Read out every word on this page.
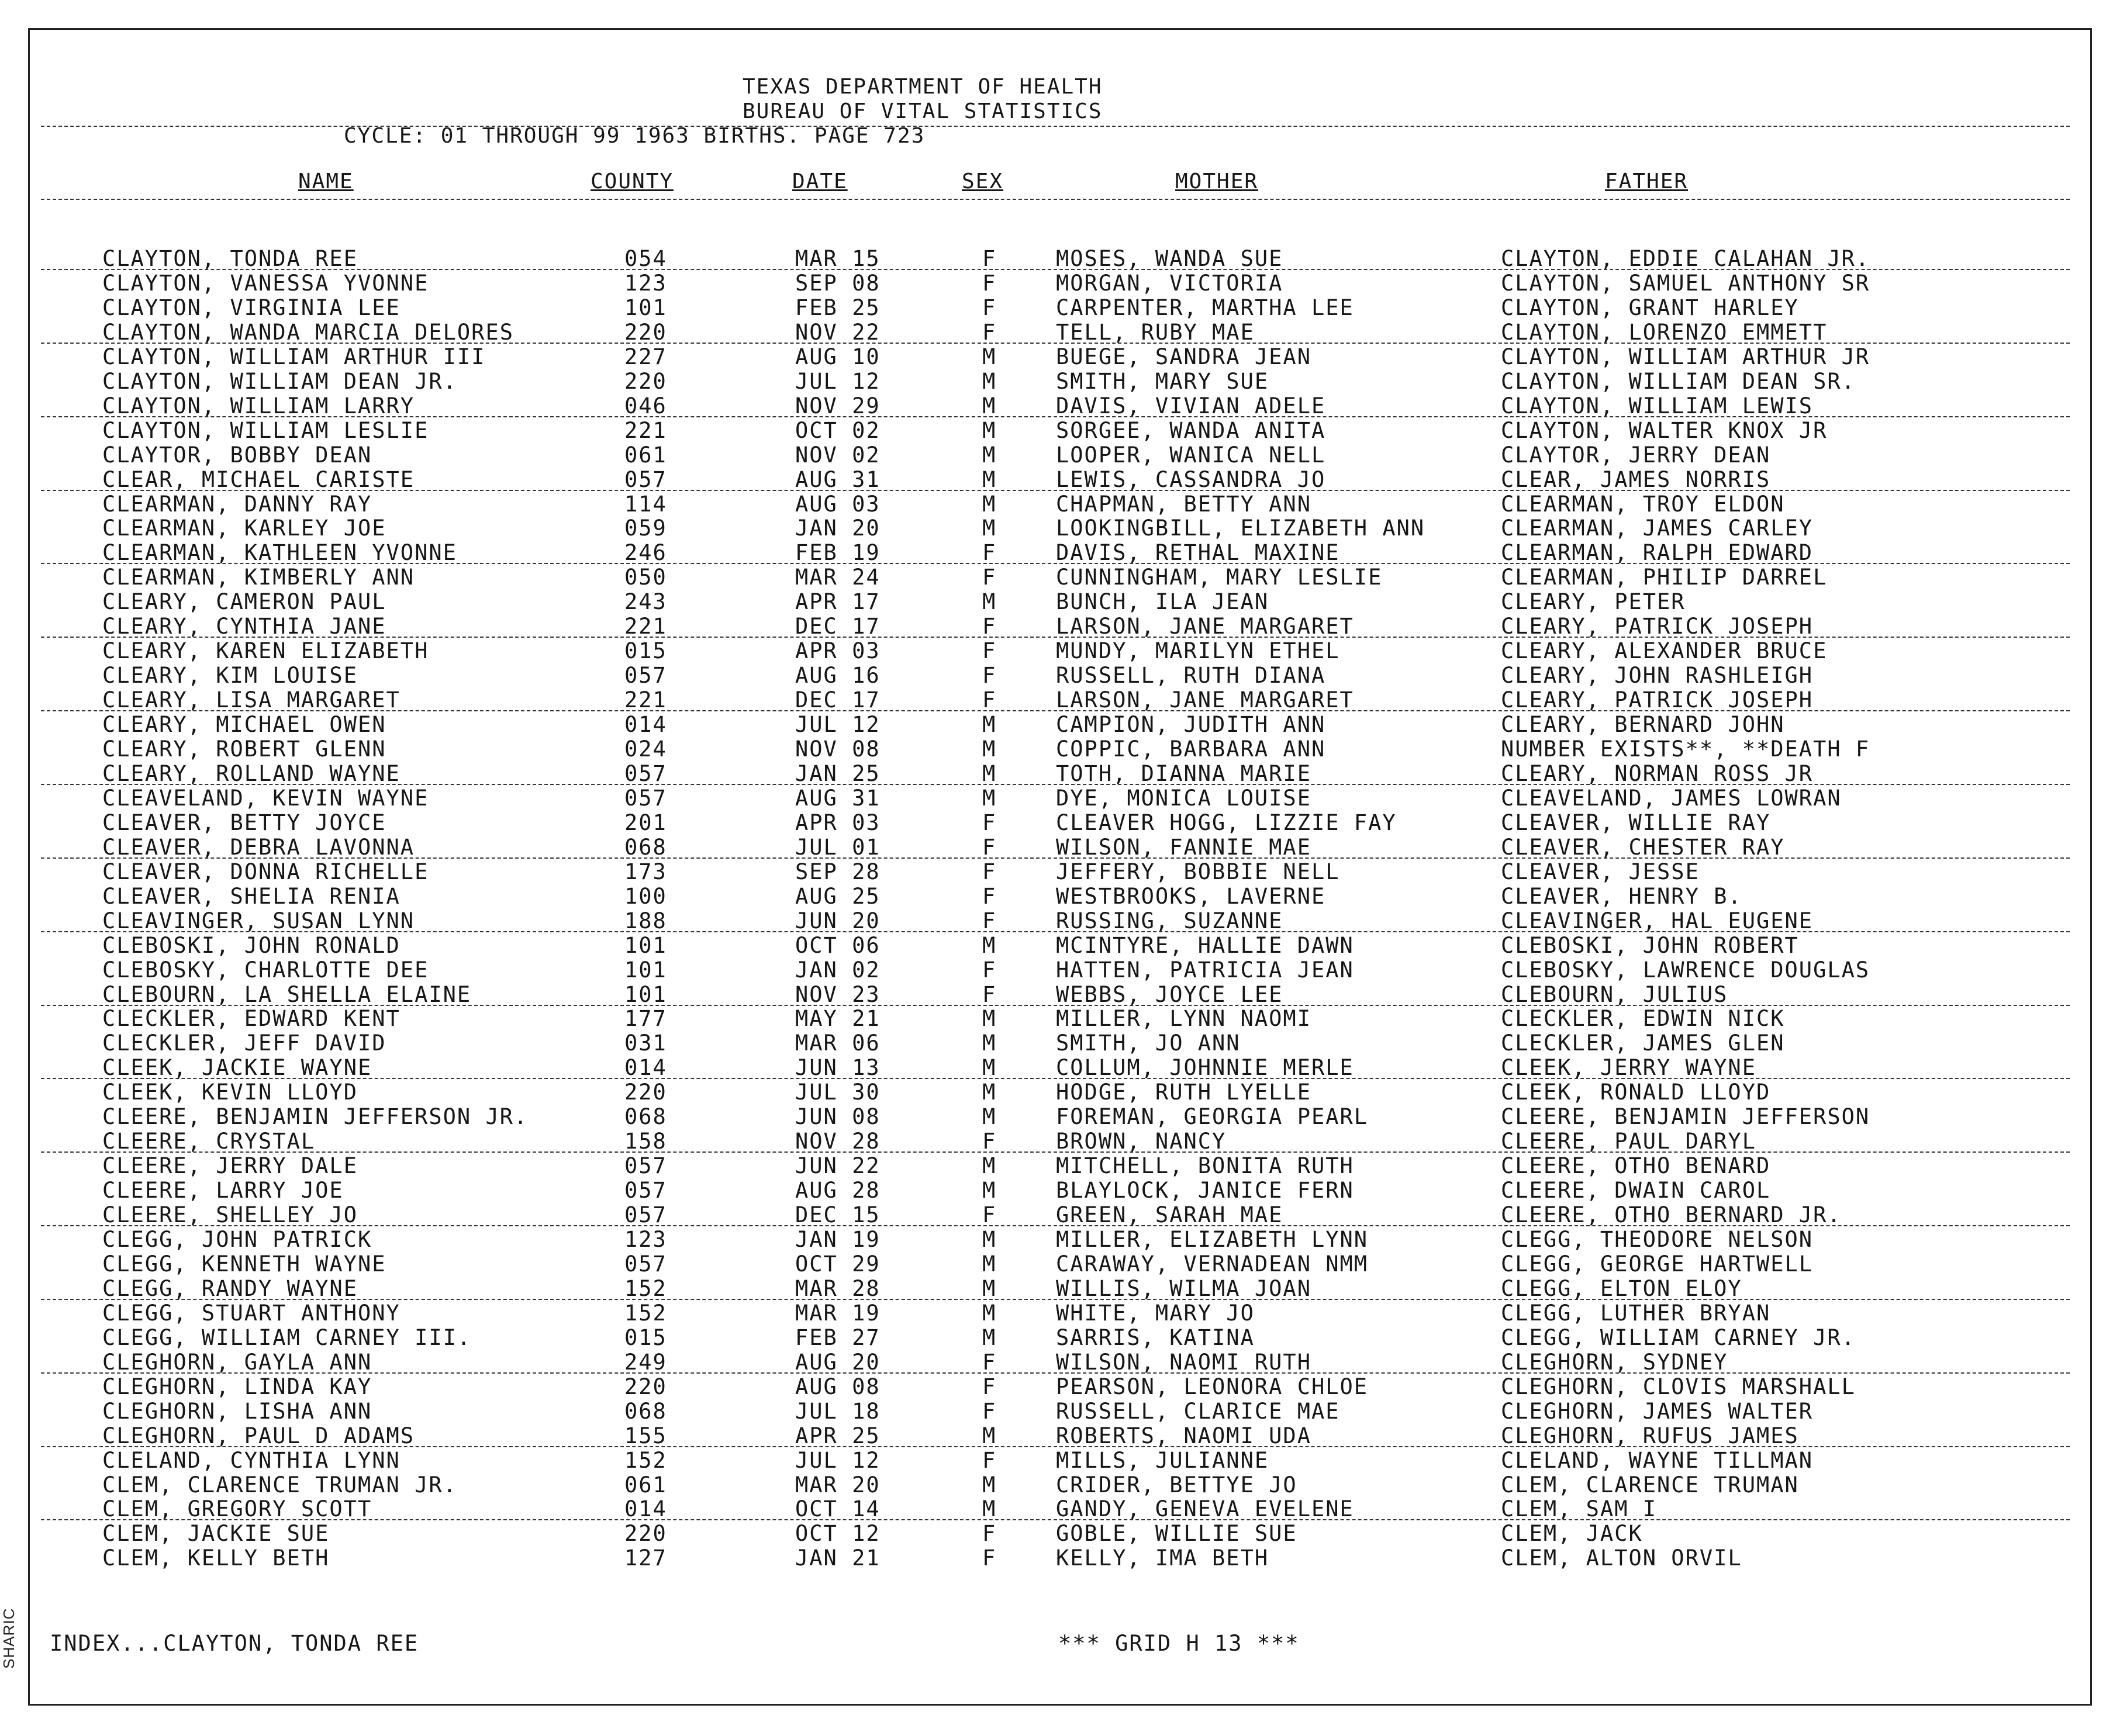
SHARIC
TEXAS DEPARTMENT OF HEALTH
BUREAU OF VITAL STATISTICS
CYCLE: 01 THROUGH 99 1963 BIRTHS. PAGE 723
NAME	COUNTY	DATE	SEX	MOTHER	FATHER
CLAYTON, TONDA REE	054	MAR 15	F	MOSES, WANDA SUE	CLAYTON, EDDIE CALAHAN JR.
CLAYTON, VANESSA YVONNE	123	SEP 08	F	MORGAN, VICTORIA	CLAYTON, SAMUEL ANTHONY SR
CLAYTON, VIRGINIA LEE	101	FEB 25	F	CARPENTER, MARTHA LEE	CLAYTON, GRANT HARLEY
CLAYTON, WANDA MARCIA DELORES	220	NOV 22	F	TELL, RUBY MAE	CLAYTON, LORENZO EMMETT
CLAYTON, WILLIAM ARTHUR III	227	AUG 10	M	BUEGE, SANDRA JEAN	CLAYTON, WILLIAM ARTHUR JR
CLAYTON, WILLIAM DEAN JR.	220	JUL 12	M	SMITH, MARY SUE	CLAYTON, WILLIAM DEAN SR.
CLAYTON, WILLIAM LARRY	046	NOV 29	M	DAVIS, VIVIAN ADELE	CLAYTON, WILLIAM LEWIS
CLAYTON, WILLIAM LESLIE	221	OCT 02	M	SORGEE, WANDA ANITA	CLAYTON, WALTER KNOX JR
CLAYTOR, BOBBY DEAN	061	NOV 02	M	LOOPER, WANICA NELL	CLAYTOR, JERRY DEAN
CLEAR, MICHAEL CARISTE	057	AUG 31	M	LEWIS, CASSANDRA JO	CLEAR, JAMES NORRIS
CLEARMAN, DANNY RAY	114	AUG 03	M	CHAPMAN, BETTY ANN	CLEARMAN, TROY ELDON
CLEARMAN, KARLEY JOE	059	JAN 20	M	LOOKINGBILL, ELIZABETH ANN	CLEARMAN, JAMES CARLEY
CLEARMAN, KATHLEEN YVONNE	246	FEB 19	F	DAVIS, RETHAL MAXINE	CLEARMAN, RALPH EDWARD
CLEARMAN, KIMBERLY ANN	050	MAR 24	F	CUNNINGHAM, MARY LESLIE	CLEARMAN, PHILIP DARREL
CLEARY, CAMERON PAUL	243	APR 17	M	BUNCH, ILA JEAN	CLEARY, PETER
CLEARY, CYNTHIA JANE	221	DEC 17	F	LARSON, JANE MARGARET	CLEARY, PATRICK JOSEPH
CLEARY, KAREN ELIZABETH	015	APR 03	F	MUNDY, MARILYN ETHEL	CLEARY, ALEXANDER BRUCE
CLEARY, KIM LOUISE	057	AUG 16	F	RUSSELL, RUTH DIANA	CLEARY, JOHN RASHLEIGH
CLEARY, LISA MARGARET	221	DEC 17	F	LARSON, JANE MARGARET	CLEARY, PATRICK JOSEPH
CLEARY, MICHAEL OWEN	014	JUL 12	M	CAMPION, JUDITH ANN	CLEARY, BERNARD JOHN
CLEARY, ROBERT GLENN	024	NOV 08	M	COPPIC, BARBARA ANN	NUMBER EXISTS**, **DEATH F
CLEARY, ROLLAND WAYNE	057	JAN 25	M	TOTH, DIANNA MARIE	CLEARY, NORMAN ROSS JR
CLEAVELAND, KEVIN WAYNE	057	AUG 31	M	DYE, MONICA LOUISE	CLEAVELAND, JAMES LOWRAN
CLEAVER, BETTY JOYCE	201	APR 03	F	CLEAVER HOGG, LIZZIE FAY	CLEAVER, WILLIE RAY
CLEAVER, DEBRA LAVONNA	068	JUL 01	F	WILSON, FANNIE MAE	CLEAVER, CHESTER RAY
CLEAVER, DONNA RICHELLE	173	SEP 28	F	JEFFERY, BOBBIE NELL	CLEAVER, JESSE
CLEAVER, SHELIA RENIA	100	AUG 25	F	WESTBROOKS, LAVERNE	CLEAVER, HENRY B.
CLEAVINGER, SUSAN LYNN	188	JUN 20	F	RUSSING, SUZANNE	CLEAVINGER, HAL EUGENE
CLEBOSKI, JOHN RONALD	101	OCT 06	M	MCINTYRE, HALLIE DAWN	CLEBOSKI, JOHN ROBERT
CLEBOSKY, CHARLOTTE DEE	101	JAN 02	F	HATTEN, PATRICIA JEAN	CLEBOSKY, LAWRENCE DOUGLAS
CLEBOURN, LA SHELLA ELAINE	101	NOV 23	F	WEBBS, JOYCE LEE	CLEBOURN, JULIUS
CLECKLER, EDWARD KENT	177	MAY 21	M	MILLER, LYNN NAOMI	CLECKLER, EDWIN NICK
CLECKLER, JEFF DAVID	031	MAR 06	M	SMITH, JO ANN	CLECKLER, JAMES GLEN
CLEEK, JACKIE WAYNE	014	JUN 13	M	COLLUM, JOHNNIE MERLE	CLEEK, JERRY WAYNE
CLEEK, KEVIN LLOYD	220	JUL 30	M	HODGE, RUTH LYELLE	CLEEK, RONALD LLOYD
CLEERE, BENJAMIN JEFFERSON JR.	068	JUN 08	M	FOREMAN, GEORGIA PEARL	CLEERE, BENJAMIN JEFFERSON
CLEERE, CRYSTAL	158	NOV 28	F	BROWN, NANCY	CLEERE, PAUL DARYL
CLEERE, JERRY DALE	057	JUN 22	M	MITCHELL, BONITA RUTH	CLEERE, OTHO BENARD
CLEERE, LARRY JOE	057	AUG 28	M	BLAYLOCK, JANICE FERN	CLEERE, DWAIN CAROL
CLEERE, SHELLEY JO	057	DEC 15	F	GREEN, SARAH MAE	CLEERE, OTHO BERNARD JR.
CLEGG, JOHN PATRICK	123	JAN 19	M	MILLER, ELIZABETH LYNN	CLEGG, THEODORE NELSON
CLEGG, KENNETH WAYNE	057	OCT 29	M	CARAWAY, VERNADEAN NMM	CLEGG, GEORGE HARTWELL
CLEGG, RANDY WAYNE	152	MAR 28	M	WILLIS, WILMA JOAN	CLEGG, ELTON ELOY
CLEGG, STUART ANTHONY	152	MAR 19	M	WHITE, MARY JO	CLEGG, LUTHER BRYAN
CLEGG, WILLIAM CARNEY III.	015	FEB 27	M	SARRIS, KATINA	CLEGG, WILLIAM CARNEY JR.
CLEGHORN, GAYLA ANN	249	AUG 20	F	WILSON, NAOMI RUTH	CLEGHORN, SYDNEY
CLEGHORN, LINDA KAY	220	AUG 08	F	PEARSON, LEONORA CHLOE	CLEGHORN, CLOVIS MARSHALL
CLEGHORN, LISHA ANN	068	JUL 18	F	RUSSELL, CLARICE MAE	CLEGHORN, JAMES WALTER
CLEGHORN, PAUL D ADAMS	155	APR 25	M	ROBERTS, NAOMI UDA	CLEGHORN, RUFUS JAMES
CLELAND, CYNTHIA LYNN	152	JUL 12	F	MILLS, JULIANNE	CLELAND, WAYNE TILLMAN
CLEM, CLARENCE TRUMAN JR.	061	MAR 20	M	CRIDER, BETTYE JO	CLEM, CLARENCE TRUMAN
CLEM, GREGORY SCOTT	014	OCT 14	M	GANDY, GENEVA EVELENE	CLEM, SAM I
CLEM, JACKIE SUE	220	OCT 12	F	GOBLE, WILLIE SUE	CLEM, JACK
CLEM, KELLY BETH	127	JAN 21	F	KELLY, IMA BETH	CLEM, ALTON ORVIL
INDEX...CLAYTON, TONDA REE	*** GRID H 13 ***
